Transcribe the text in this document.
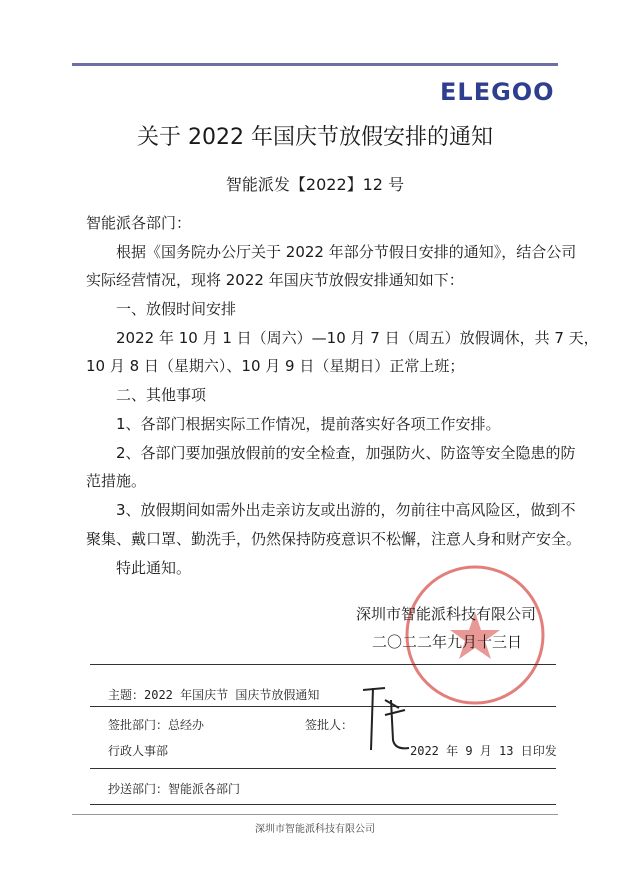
ELEGOO
关于 2022 年国庆节放假安排的通知
智能派发【2022】12 号
智能派各部门：
根据《国务院办公厅关于 2022 年部分节假日安排的通知》，结合公司
实际经营情况，现将 2022 年国庆节放假安排通知如下：
一、放假时间安排
2022 年 10 月 1 日（周六）—10 月 7 日（周五）放假调休，共 7 天，
10 月 8 日（星期六）、10 月 9 日（星期日）正常上班；
二、其他事项
1、各部门根据实际工作情况，提前落实好各项工作安排。
2、各部门要加强放假前的安全检查，加强防火、防盗等安全隐患的防
范措施。
3、放假期间如需外出走亲访友或出游的，勿前往中高风险区，做到不
聚集、戴口罩、勤洗手，仍然保持防疫意识不松懈，注意人身和财产安全。
特此通知。
深圳市智能派科技有限公司
二〇二二年九月十三日
主题：2022 年国庆节 国庆节放假通知
签批部门：总经办	签批人：
行政人事部	2022 年 9 月 13 日印发
抄送部门：智能派各部门
深圳市智能派科技有限公司
